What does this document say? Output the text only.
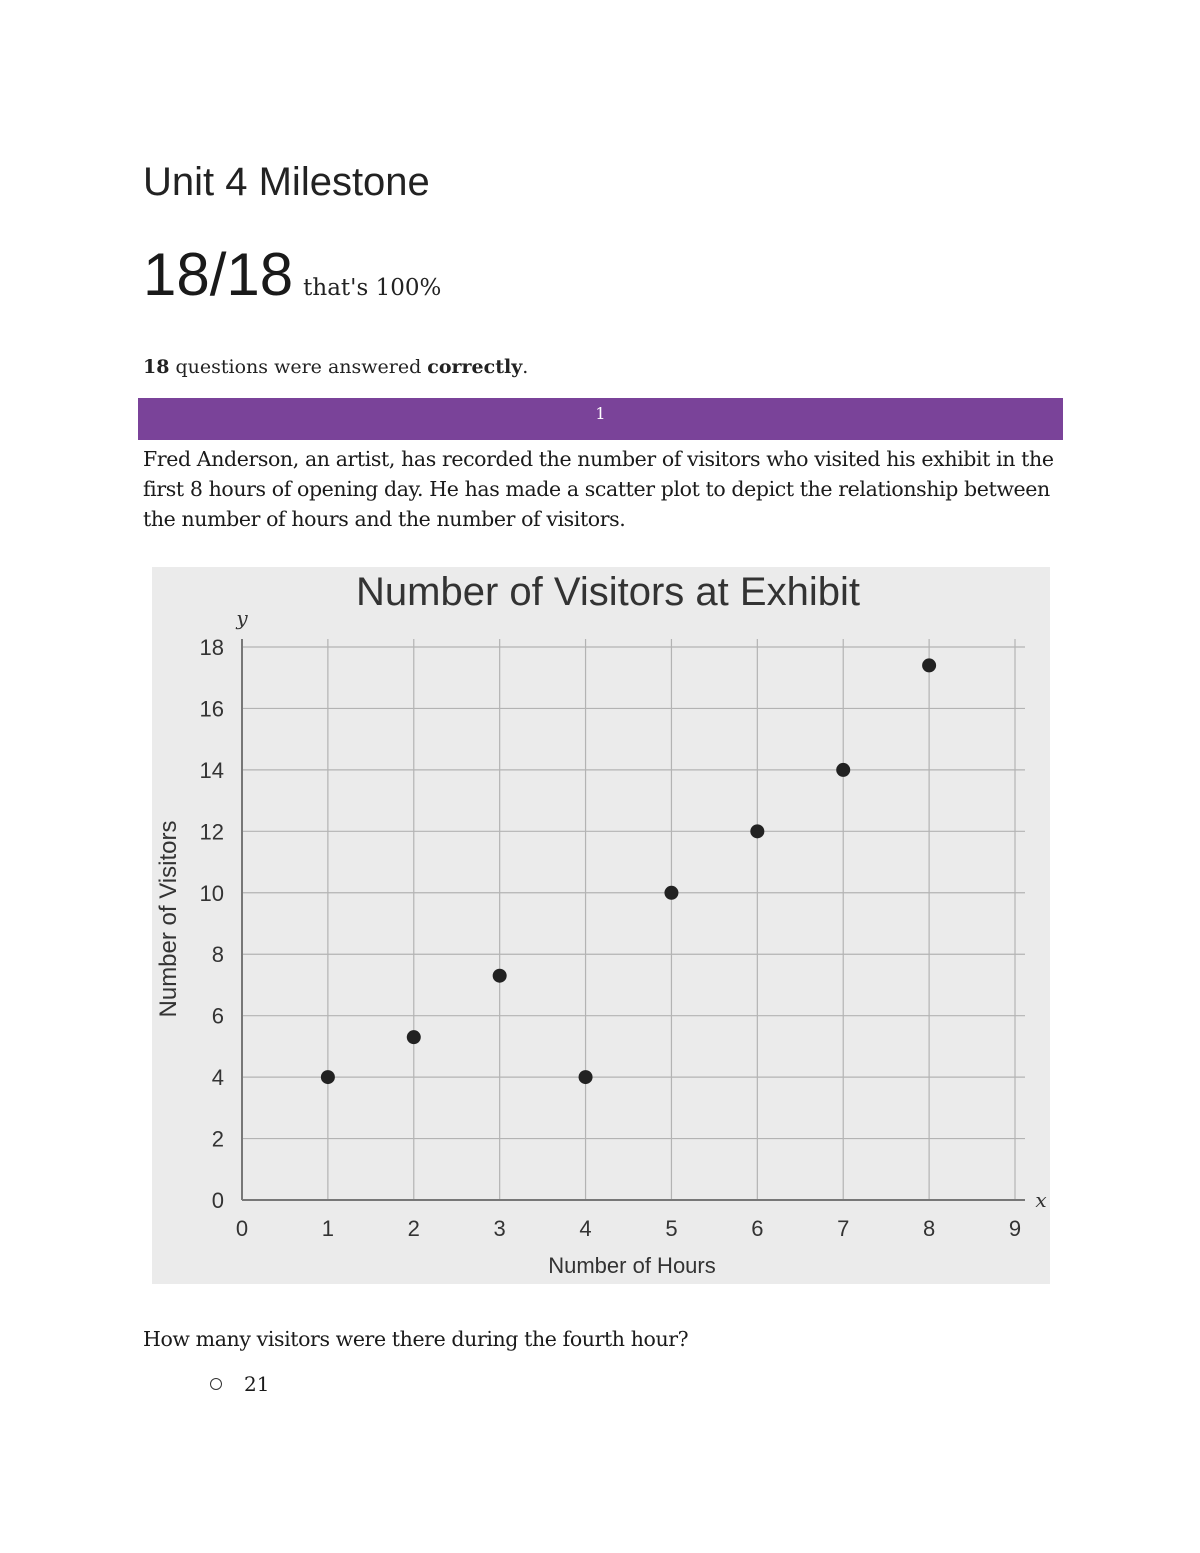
Unit 4 Milestone
18/18 that's 100%
18 questions were answered correctly.
1
Fred Anderson, an artist, has recorded the number of visitors who visited his exhibit in the first 8 hours of opening day. He has made a scatter plot to depict the relationship between the number of hours and the number of visitors.
0	1	2	3	4	5	6	7	8	9
0
2
4
6
8
10
12
14
16
18
Number of Visitors at Exhibit
y
x
Number of Hours
Number of Visitors
How many visitors were there during the fourth hour?
21
